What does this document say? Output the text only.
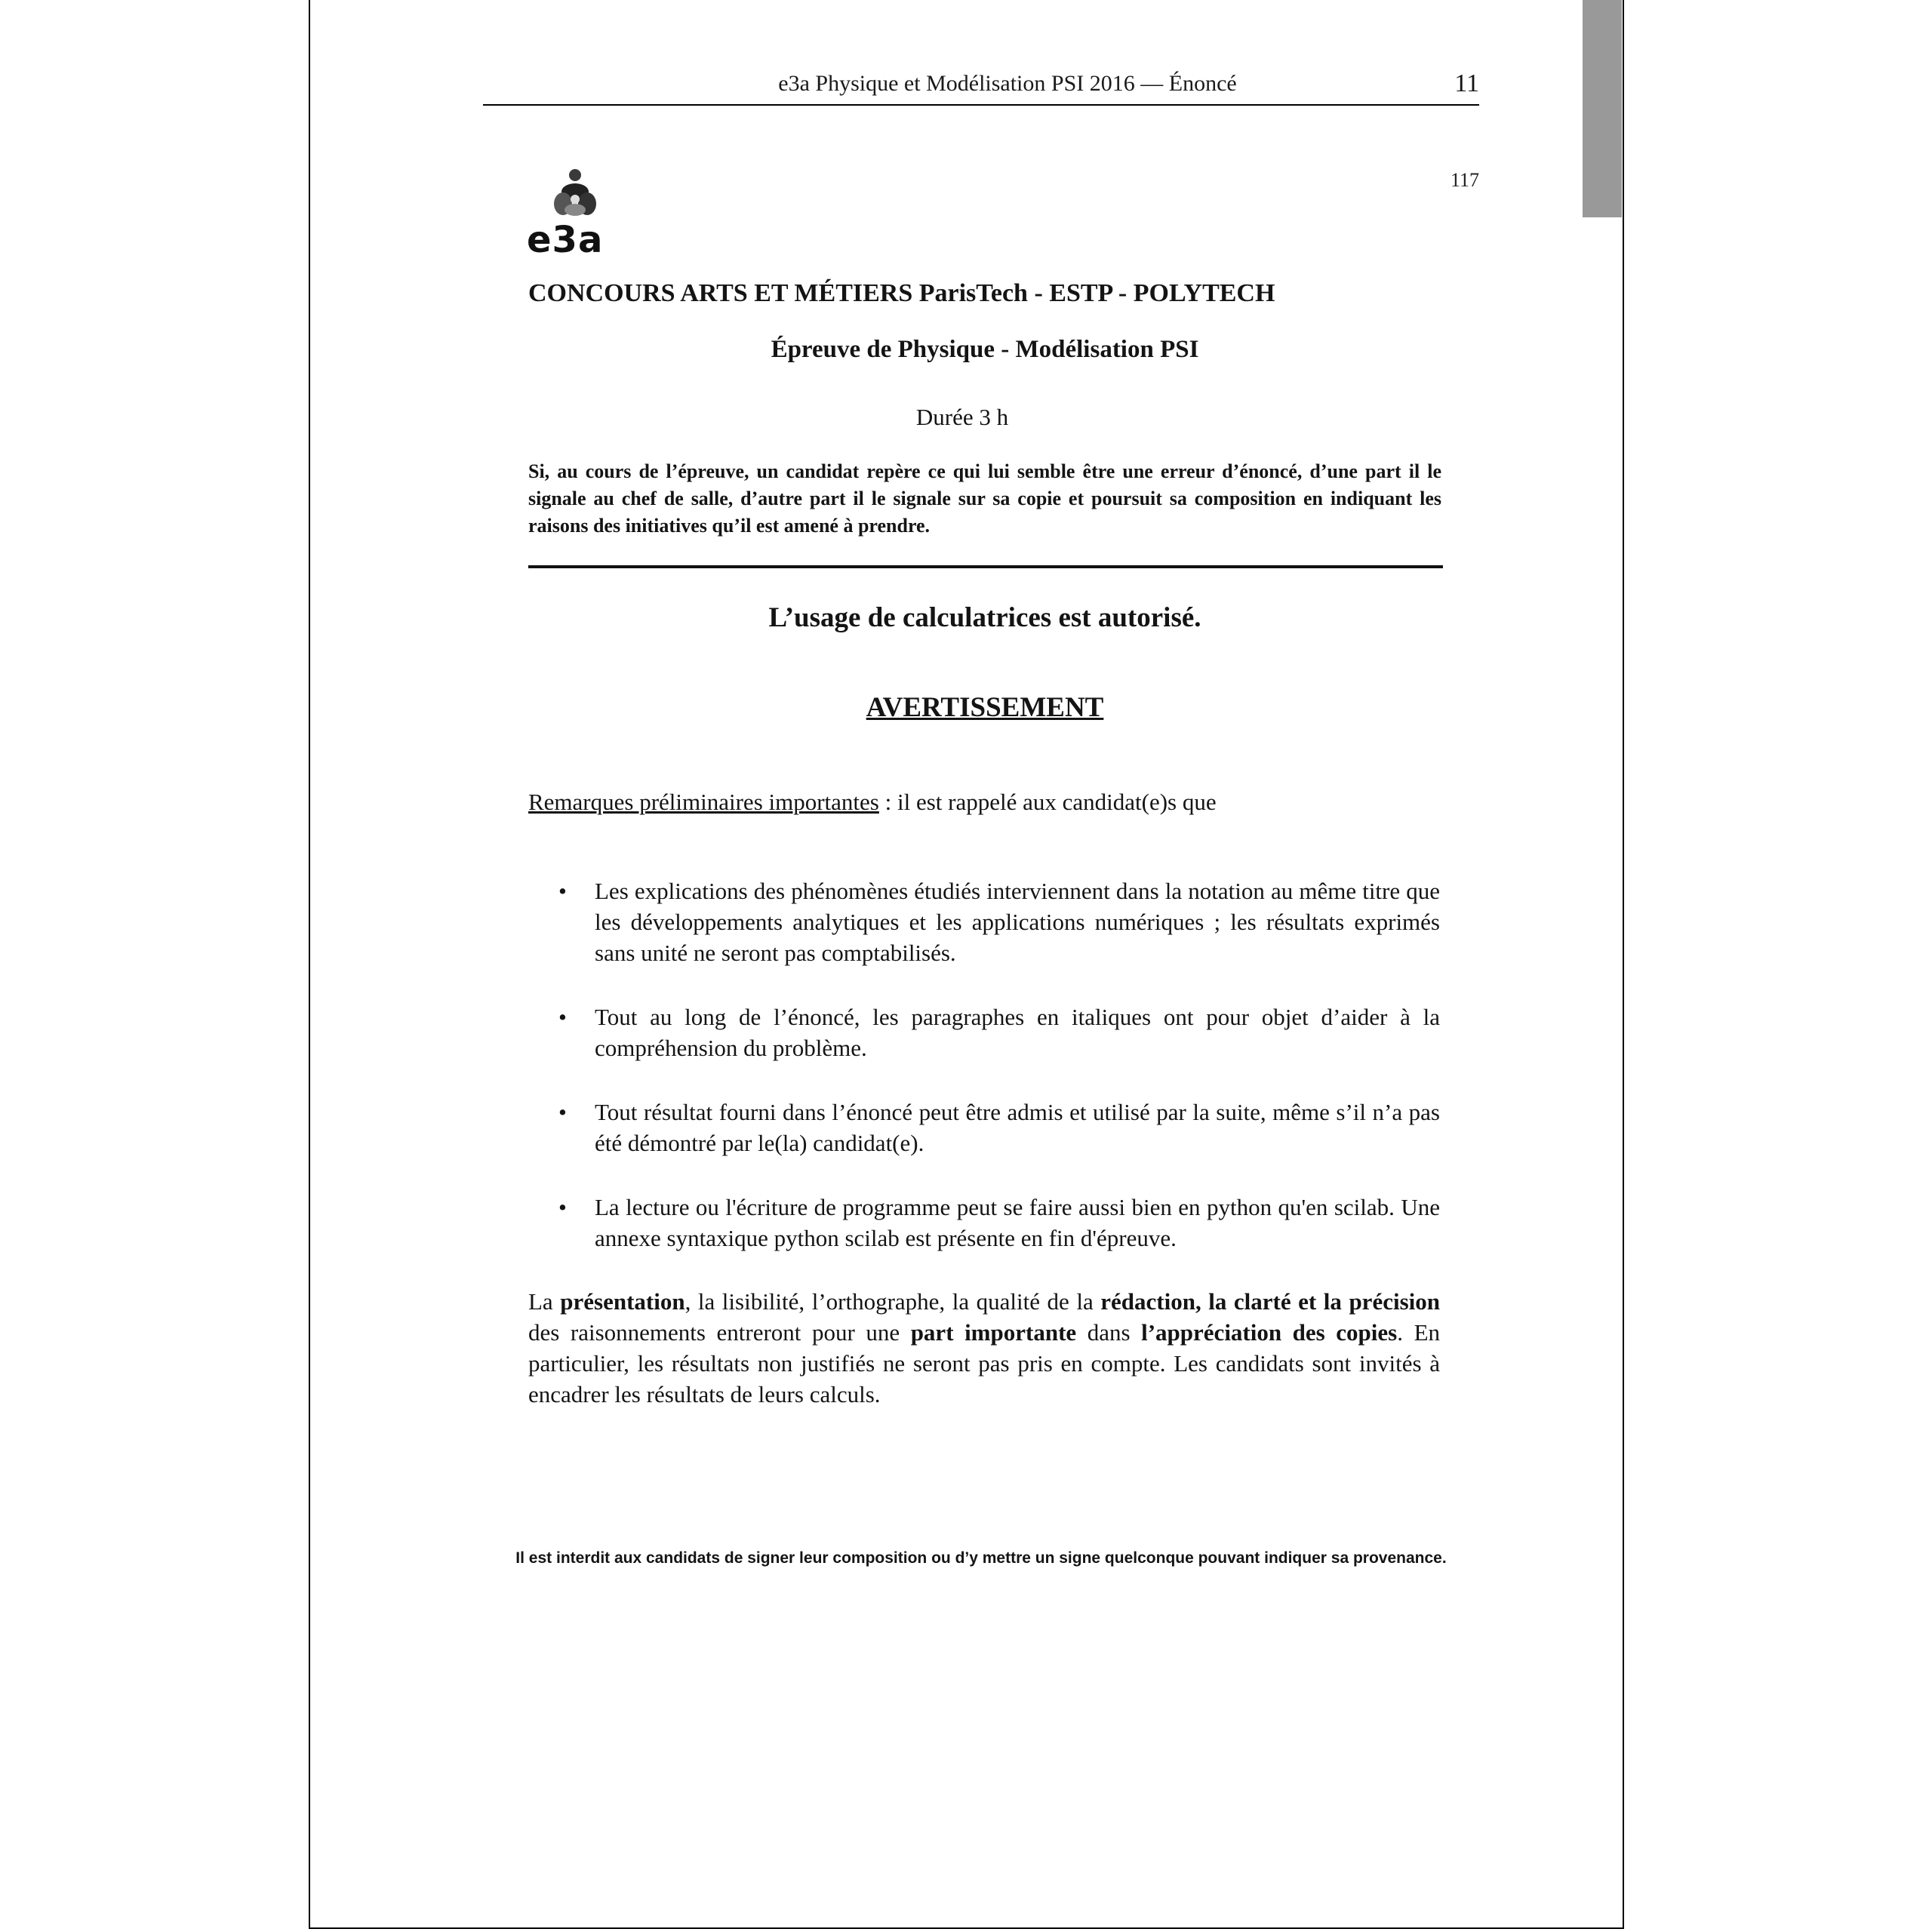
e3a Physique et Modélisation PSI 2016 — Énoncé	11
117
e3a
CONCOURS ARTS ET MÉTIERS ParisTech - ESTP - POLYTECH
Épreuve de Physique - Modélisation PSI
Durée 3 h
Si, au cours de l’épreuve, un candidat repère ce qui lui semble être une erreur d’énoncé, d’une part il le signale au chef de salle, d’autre part il le signale sur sa copie et poursuit sa composition en indiquant les raisons des initiatives qu’il est amené à prendre.
L’usage de calculatrices est autorisé.
AVERTISSEMENT
Remarques préliminaires importantes : il est rappelé aux candidat(e)s que
• Les explications des phénomènes étudiés interviennent dans la notation au même titre que les développements analytiques et les applications numériques ; les résultats exprimés sans unité ne seront pas comptabilisés.
• Tout au long de l’énoncé, les paragraphes en italiques ont pour objet d’aider à la compréhension du problème.
• Tout résultat fourni dans l’énoncé peut être admis et utilisé par la suite, même s’il n’a pas été démontré par le(la) candidat(e).
• La lecture ou l'écriture de programme peut se faire aussi bien en python qu'en scilab. Une annexe syntaxique python scilab est présente en fin d'épreuve.
La présentation, la lisibilité, l’orthographe, la qualité de la rédaction, la clarté et la précision des raisonnements entreront pour une part importante dans l’appréciation des copies. En particulier, les résultats non justifiés ne seront pas pris en compte. Les candidats sont invités à encadrer les résultats de leurs calculs.
Il est interdit aux candidats de signer leur composition ou d’y mettre un signe quelconque pouvant indiquer sa provenance.
